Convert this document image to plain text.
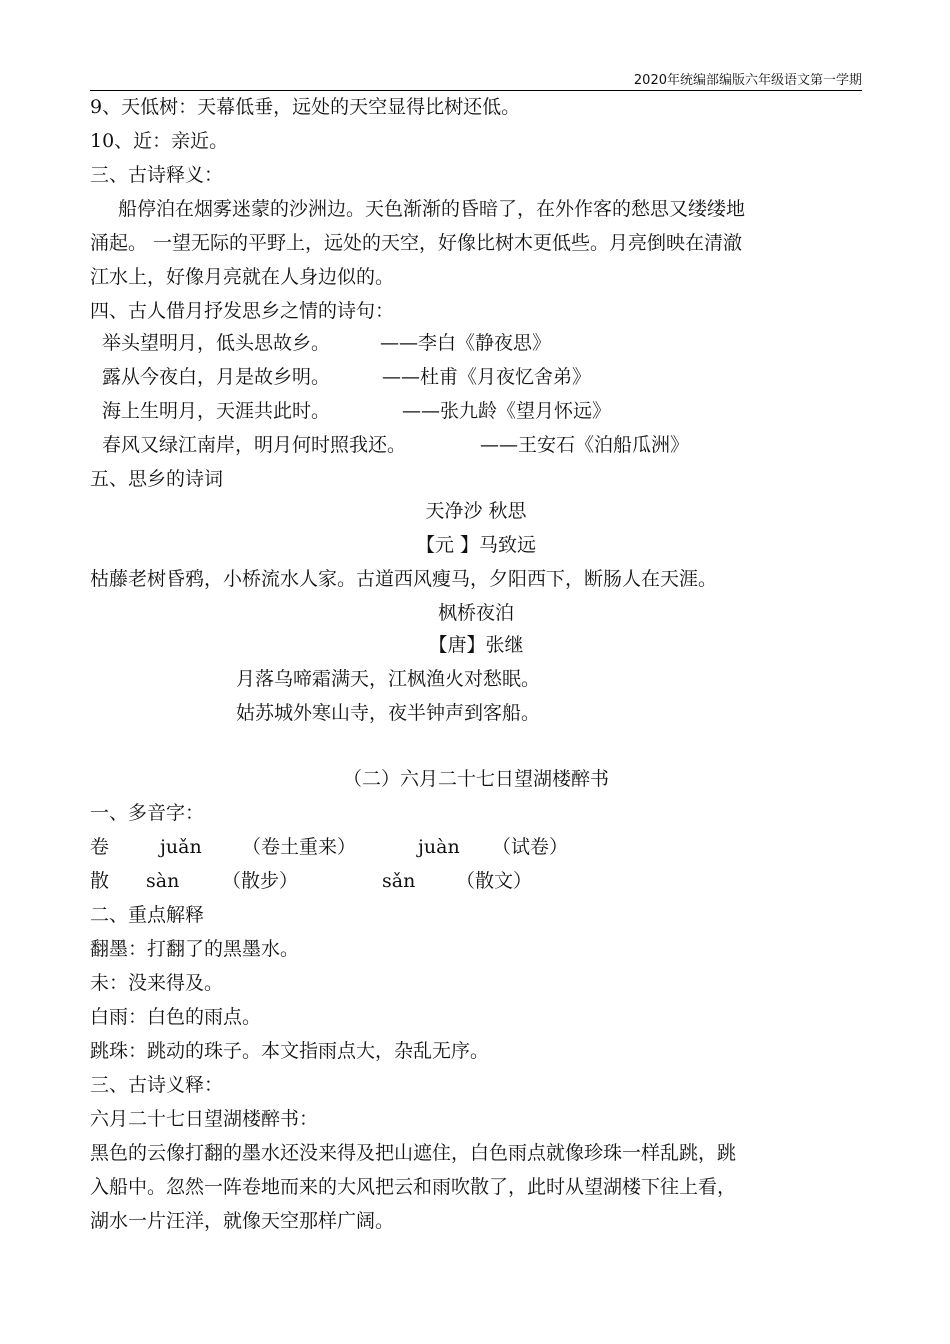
2020年统编部编版六年级语文第一学期
9、天低树：天幕低垂，远处的天空显得比树还低。
10、近：亲近。
三、古诗释义：
船停泊在烟雾迷蒙的沙洲边。天色渐渐的昏暗了，在外作客的愁思又缕缕地
涌起。 一望无际的平野上，远处的天空，好像比树木更低些。月亮倒映在清澈
江水上，好像月亮就在人身边似的。
四、古人借月抒发思乡之情的诗句：
举头望明月，低头思故乡。	——李白《静夜思》
露从今夜白，月是故乡明。	——杜甫《月夜忆舍弟》
海上生明月，天涯共此时。	——张九龄《望月怀远》
春风又绿江南岸，明月何时照我还。	——王安石《泊船瓜洲》
五、思乡的诗词
天净沙 秋思
【元 】马致远
枯藤老树昏鸦，小桥流水人家。古道西风瘦马，夕阳西下，断肠人在天涯。
枫桥夜泊
【唐】张继
月落乌啼霜满天，江枫渔火对愁眠。
姑苏城外寒山寺，夜半钟声到客船。
（二）六月二十七日望湖楼醉书
一、多音字：
卷	juǎn （卷土重来）	juàn （试卷）
散 sàn （散步）	sǎn （散文）
二、重点解释
翻墨：打翻了的黑墨水。
未：没来得及。
白雨：白色的雨点。
跳珠：跳动的珠子。本文指雨点大，杂乱无序。
三、古诗义释：
六月二十七日望湖楼醉书：
黑色的云像打翻的墨水还没来得及把山遮住，白色雨点就像珍珠一样乱跳，跳
入船中。忽然一阵卷地而来的大风把云和雨吹散了，此时从望湖楼下往上看，
湖水一片汪洋，就像天空那样广阔。
